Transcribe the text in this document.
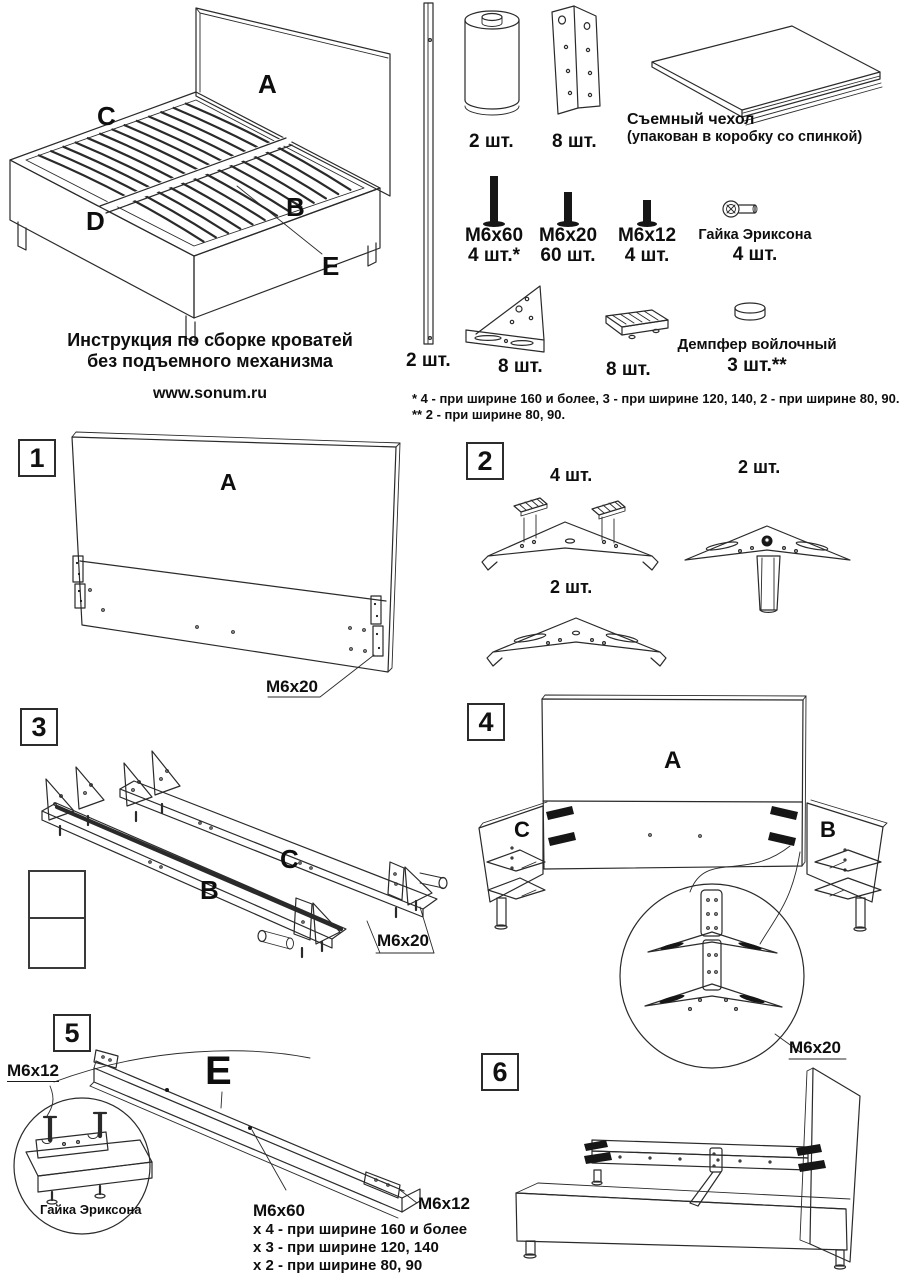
A
C
D	B
E
Инструкция по сборке кроватей
без подъемного механизма
www.sonum.ru
2 шт.
2 шт. 8 шт.
Съемный чехол
(упакован в коробку со спинкой)
M6x60
4 шт.*
M6x20
60 шт.
M6x12
4 шт.
Гайка Эриксона
4 шт.
8 шт.	8 шт.
Демпфер войлочный
3 шт.**
* 4 - при ширине 160 и более, 3 - при ширине 120, 140, 2 - при ширине 80, 90.
** 2 - при ширине 80, 90.
1	2
3	4
5
6
A
M6x20
4 шт.	2 шт.
2 шт.
B
C
M6x20
A
C	B
M6x20
M6x12	E
M6x12
Гайка Эриксона	M6x60
x 4 - при ширине 160 и более
x 3 - при ширине 120, 140
x 2 - при ширине 80, 90
